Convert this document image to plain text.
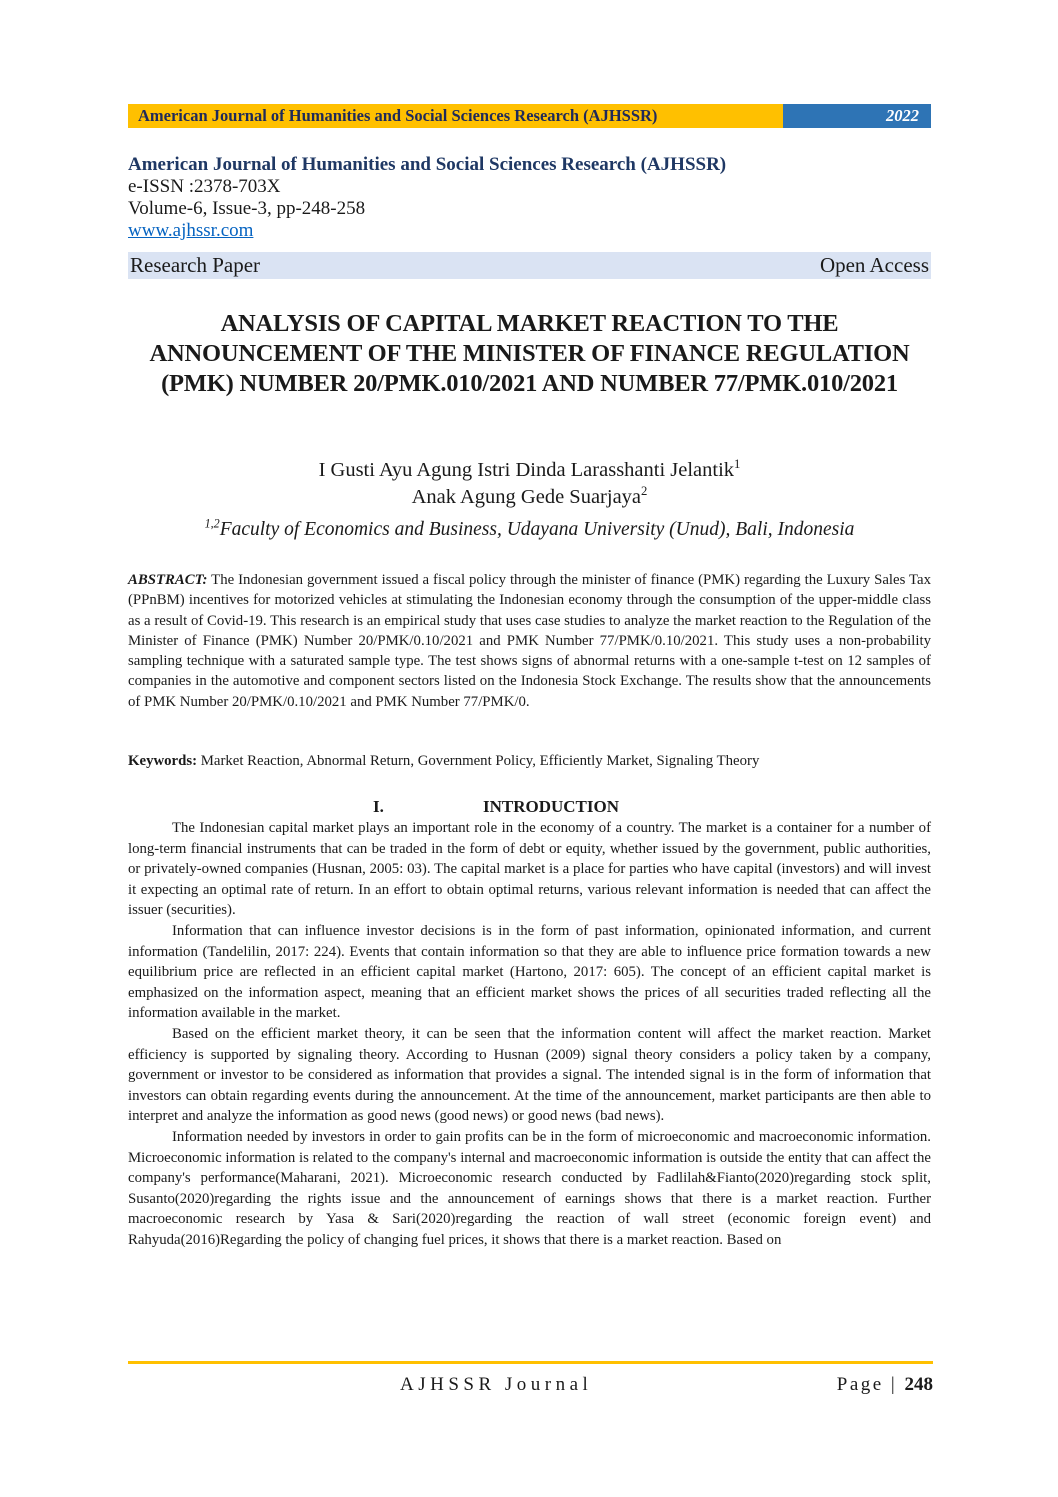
American Journal of Humanities and Social Sciences Research (AJHSSR)	2022
American Journal of Humanities and Social Sciences Research (AJHSSR)
e-ISSN :2378-703X
Volume-6, Issue-3, pp-248-258
www.ajhssr.com
Research Paper	Open Access
ANALYSIS OF CAPITAL MARKET REACTION TO THE ANNOUNCEMENT OF THE MINISTER OF FINANCE REGULATION (PMK) NUMBER 20/PMK.010/2021 AND NUMBER 77/PMK.010/2021
I Gusti Ayu Agung Istri Dinda Larasshanti Jelantik$^1$
Anak Agung Gede Suarjaya$^2$
$^{1,2}$Faculty of Economics and Business, Udayana University (Unud), Bali, Indonesia
ABSTRACT: The Indonesian government issued a fiscal policy through the minister of finance (PMK) regarding the Luxury Sales Tax (PPnBM) incentives for motorized vehicles at stimulating the Indonesian economy through the consumption of the upper-middle class as a result of Covid-19. This research is an empirical study that uses case studies to analyze the market reaction to the Regulation of the Minister of Finance (PMK) Number 20/PMK/0.10/2021 and PMK Number 77/PMK/0.10/2021. This study uses a non-probability sampling technique with a saturated sample type. The test shows signs of abnormal returns with a one-sample t-test on 12 samples of companies in the automotive and component sectors listed on the Indonesia Stock Exchange. The results show that the announcements of PMK Number 20/PMK/0.10/2021 and PMK Number 77/PMK/0.
Keywords: Market Reaction, Abnormal Return, Government Policy, Efficiently Market, Signaling Theory
I.	INTRODUCTION

The Indonesian capital market plays an important role in the economy of a country. The market is a container for a number of long-term financial instruments that can be traded in the form of debt or equity, whether issued by the government, public authorities, or privately-owned companies (Husnan, 2005: 03). The capital market is a place for parties who have capital (investors) and will invest it expecting an optimal rate of return. In an effort to obtain optimal returns, various relevant information is needed that can affect the issuer (securities).

Information that can influence investor decisions is in the form of past information, opinionated information, and current information (Tandelilin, 2017: 224). Events that contain information so that they are able to influence price formation towards a new equilibrium price are reflected in an efficient capital market (Hartono, 2017: 605). The concept of an efficient capital market is emphasized on the information aspect, meaning that an efficient market shows the prices of all securities traded reflecting all the information available in the market.

Based on the efficient market theory, it can be seen that the information content will affect the market reaction. Market efficiency is supported by signaling theory. According to Husnan (2009) signal theory considers a policy taken by a company, government or investor to be considered as information that provides a signal. The intended signal is in the form of information that investors can obtain regarding events during the announcement. At the time of the announcement, market participants are then able to interpret and analyze the information as good news (good news) or good news (bad news).

Information needed by investors in order to gain profits can be in the form of microeconomic and macroeconomic information. Microeconomic information is related to the company's internal and macroeconomic information is outside the entity that can affect the company's performance(Maharani, 2021). Microeconomic research conducted by Fadlilah&Fianto(2020)regarding stock split, Susanto(2020)regarding the rights issue and the announcement of earnings shows that there is a market reaction. Further macroeconomic research by Yasa & Sari(2020)regarding the reaction of wall street (economic foreign event) and Rahyuda(2016)Regarding the policy of changing fuel prices, it shows that there is a market reaction. Based on

AJHSSR Journal	Page | 248
